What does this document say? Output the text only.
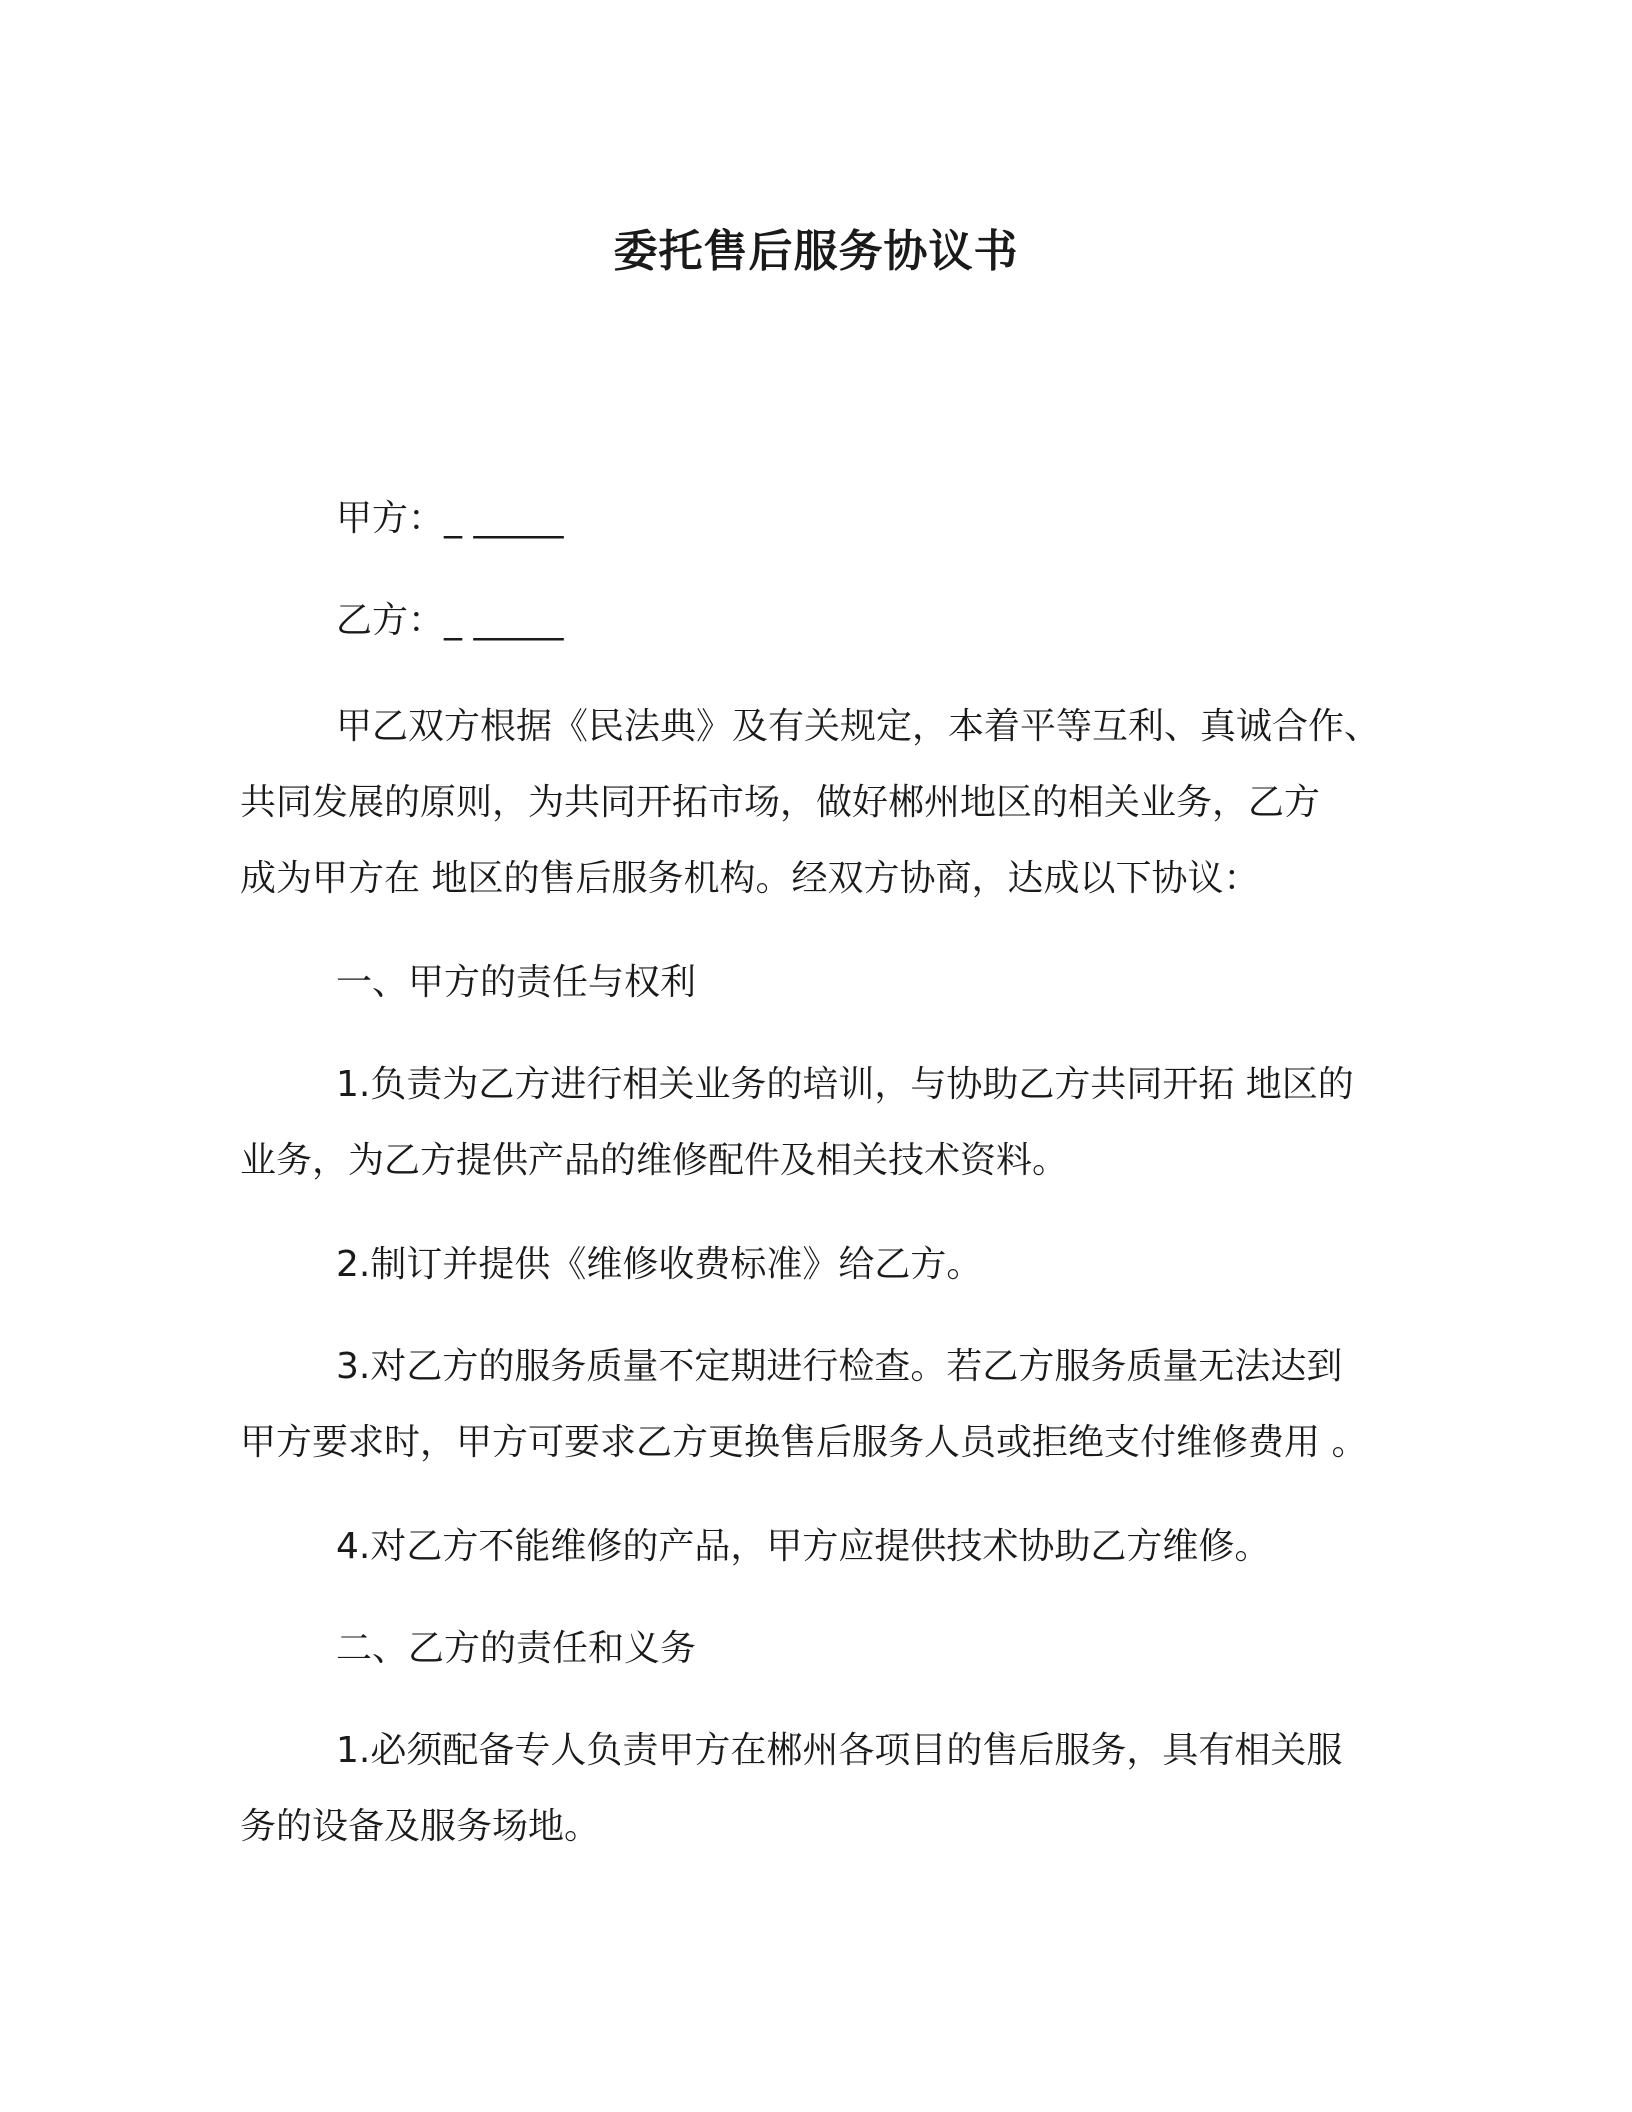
委托售后服务协议书
甲方：_ _____
乙方：_ _____
甲乙双方根据《民法典》及有关规定，本着平等互利、真诚合作、
共同发展的原则，为共同开拓市场，做好郴州地区的相关业务，乙方
成为甲方在 地区的售后服务机构。经双方协商，达成以下协议：
一、甲方的责任与权利
1.负责为乙方进行相关业务的培训，与协助乙方共同开拓 地区的
业务，为乙方提供产品的维修配件及相关技术资料。
2.制订并提供《维修收费标准》给乙方。
3.对乙方的服务质量不定期进行检查。若乙方服务质量无法达到
甲方要求时，甲方可要求乙方更换售后服务人员或拒绝支付维修费用 。
4.对乙方不能维修的产品，甲方应提供技术协助乙方维修。
二、乙方的责任和义务
1.必须配备专人负责甲方在郴州各项目的售后服务，具有相关服
务的设备及服务场地。
